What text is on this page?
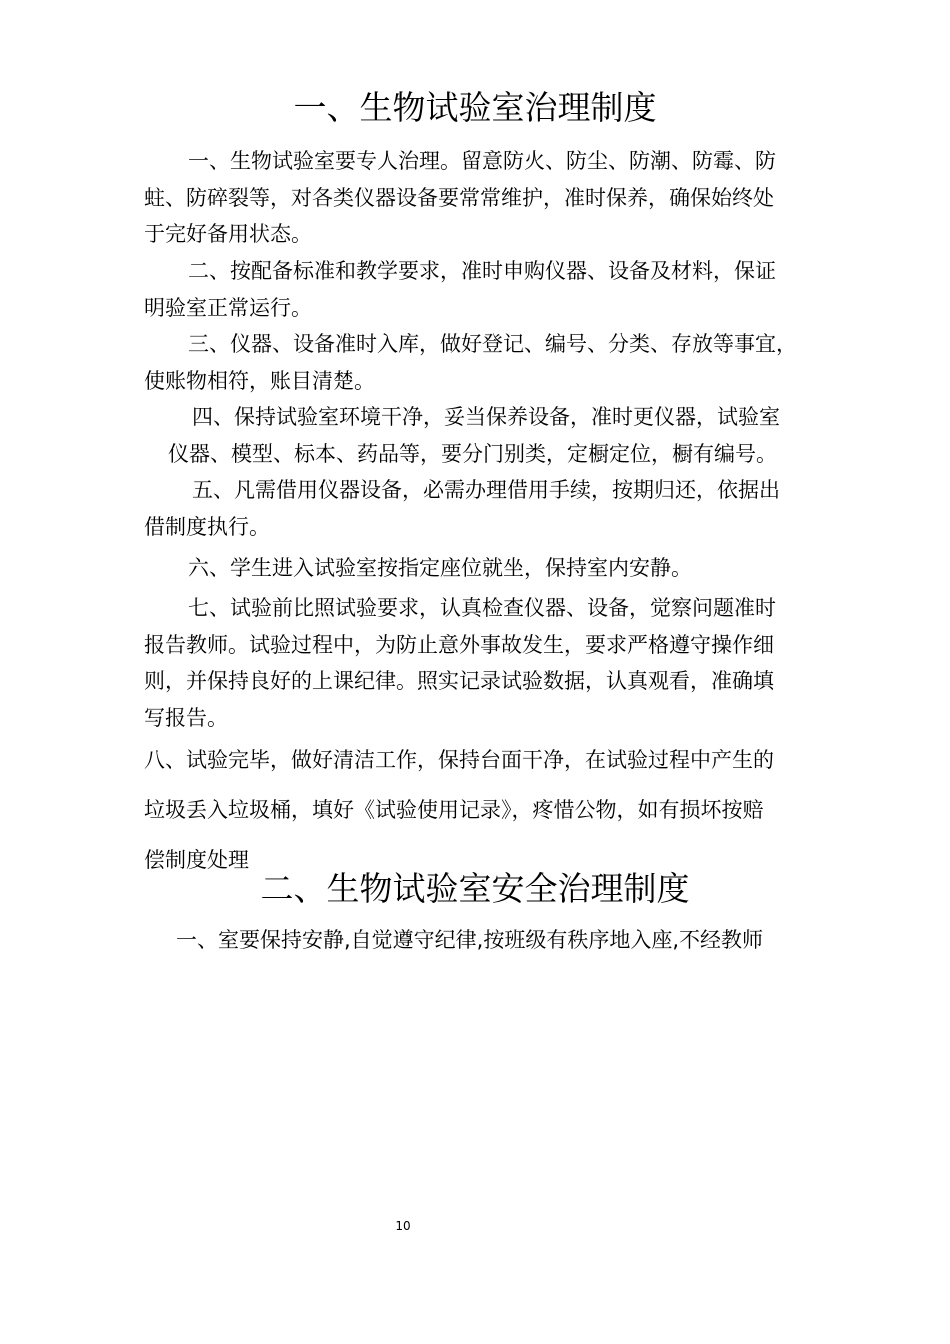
一、生物试验室治理制度

一、生物试验室要专人治理。留意防火、防尘、防潮、防霉、防
蛀、防碎裂等，对各类仪器设备要常常维护，准时保养，确保始终处
于完好备用状态。

二、按配备标准和教学要求，准时申购仪器、设备及材料，保证
明验室正常运行。

三、仪器、设备准时入库，做好登记、编号、分类、存放等事宜，
使账物相符，账目清楚。

四、保持试验室环境干净，妥当保养设备，准时更仪器，试验室
仪器、模型、标本、药品等，要分门别类，定橱定位，橱有编号。

五、凡需借用仪器设备，必需办理借用手续，按期归还，依据出
借制度执行。

六、学生进入试验室按指定座位就坐，保持室内安静。

七、试验前比照试验要求，认真检查仪器、设备，觉察问题准时
报告教师。试验过程中，为防止意外事故发生，要求严格遵守操作细
则，并保持良好的上课纪律。照实记录试验数据，认真观看，准确填
写报告。

八、试验完毕，做好清洁工作，保持台面干净，在试验过程中产生的
垃圾丢入垃圾桶，填好《试验使用记录》，疼惜公物，如有损坏按赔
偿制度处理

二、生物试验室安全治理制度

一、室要保持安静,自觉遵守纪律,按班级有秩序地入座,不经教师

10
